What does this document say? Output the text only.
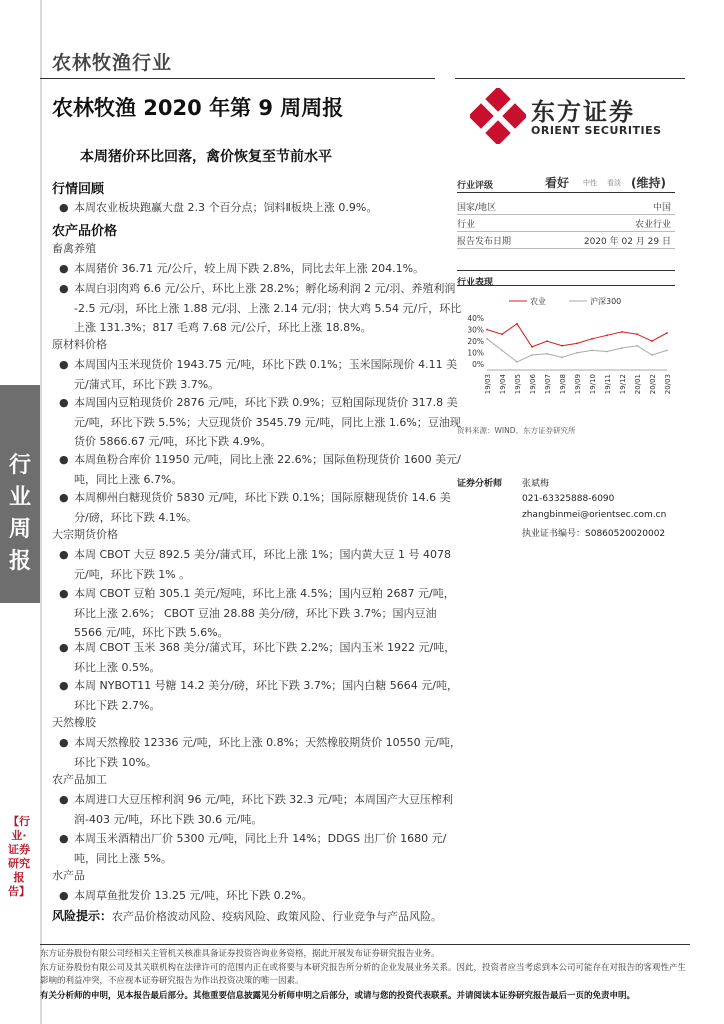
行业周报
【行业·证券研究报告】
农林牧渔行业
农林牧渔 2020 年第 9 周周报
本周猪价环比回落，禽价恢复至节前水平
东方证券
ORIENT SECURITIES
行情回顾
● 本周农业板块跑赢大盘 2.3 个百分点；饲料Ⅱ板块上涨 0.9%。
农产品价格
畜禽养殖
● 本周猪价 36.71 元/公斤，较上周下跌 2.8%，同比去年上涨 204.1%。
● 本周白羽肉鸡 6.6 元/公斤，环比上涨 28.2%；孵化场利润 2 元/羽、养殖利润 -2.5 元/羽，环比上涨 1.88 元/羽、上涨 2.14 元/羽；快大鸡 5.54 元/斤，环比上涨 131.3%；817 毛鸡 7.68 元/公斤，环比上涨 18.8%。
原材料价格
● 本周国内玉米现货价 1943.75 元/吨，环比下跌 0.1%；玉米国际现价 4.11 美元/蒲式耳，环比下跌 3.7%。
● 本周国内豆粕现货价 2876 元/吨，环比下跌 0.9%；豆粕国际现货价 317.8 美元/吨，环比下跌 5.5%；大豆现货价 3545.79 元/吨，同比上涨 1.6%；豆油现货价 5866.67 元/吨，环比下跌 4.9%。
● 本周鱼粉合库价 11950 元/吨，同比上涨 22.6%；国际鱼粉现货价 1600 美元/吨，同比上涨 6.7%。
● 本周柳州白糖现货价 5830 元/吨，环比下跌 0.1%；国际原糖现货价 14.6 美分/磅，环比下跌 4.1%。
大宗期货价格
● 本周 CBOT 大豆 892.5 美分/蒲式耳，环比上涨 1%；国内黄大豆 1 号 4078 元/吨，环比下跌 1% 。
● 本周 CBOT 豆粕 305.1 美元/短吨，环比上涨 4.5%；国内豆粕 2687 元/吨，环比上涨 2.6%； CBOT 豆油 28.88 美分/磅，环比下跌 3.7%；国内豆油 5566 元/吨，环比下跌 5.6%。
● 本周 CBOT 玉米 368 美分/蒲式耳，环比下跌 2.2%；国内玉米 1922 元/吨，环比上涨 0.5%。
● 本周 NYBOT11 号糖 14.2 美分/磅，环比下跌 3.7%；国内白糖 5664 元/吨，环比下跌 2.7%。
天然橡胶
● 本周天然橡胶 12336 元/吨，环比上涨 0.8%；天然橡胶期货价 10550 元/吨，环比下跌 10%。
农产品加工
● 本周进口大豆压榨利润 96 元/吨，环比下跌 32.3 元/吨；本周国产大豆压榨利润-403 元/吨，环比下跌 30.6 元/吨。
● 本周玉米酒精出厂价 5300 元/吨，同比上升 14%；DDGS 出厂价 1680 元/吨，同比上涨 5%。
水产品
● 本周草鱼批发价 13.25 元/吨，环比下跌 0.2%。
风险提示：农产品价格波动风险、疫病风险、政策风险、行业竞争与产品风险。
行业评级	看好 中性 看淡 (维持)
国家/地区	中国
行业	农业行业
报告发布日期	2020 年 02 月 29 日
行业表现
农业	沪深300
40%
30%
20%
10%
0%
19/03 19/04 19/05 19/06 19/07 19/08 19/09 19/10 19/11 19/12 20/01 20/02 20/03
资料来源：WIND、东方证券研究所
证券分析师 张斌梅
021-63325888-6090
zhangbinmei@orientsec.com.cn
执业证书编号：S0860520020002
东方证券股份有限公司经相关主管机关核准具备证券投资咨询业务资格，据此开展发布证券研究报告业务。
东方证券股份有限公司及其关联机构在法律许可的范围内正在或将要与本研究报告所分析的企业发展业务关系。因此，投资者应当考虑到本公司可能存在对报告的客观性产生影响的利益冲突，不应视本证券研究报告为作出投资决策的唯一因素。
有关分析师的申明，见本报告最后部分。其他重要信息披露见分析师申明之后部分，或请与您的投资代表联系。并请阅读本证券研究报告最后一页的免责申明。
